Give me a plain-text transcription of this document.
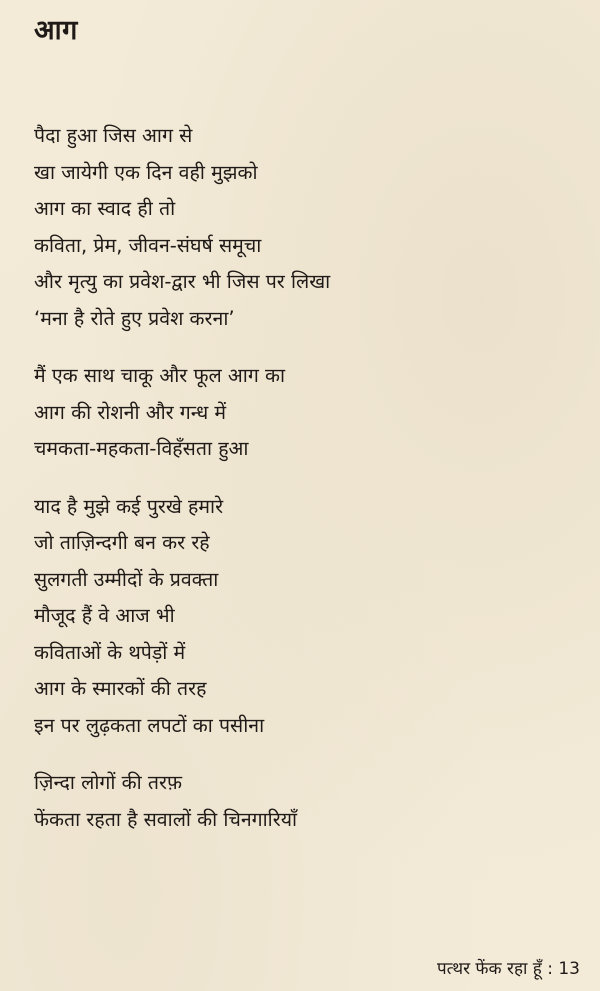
आग
पैदा हुआ जिस आग से
खा जायेगी एक दिन वही मुझको
आग का स्वाद ही तो
कविता, प्रेम, जीवन-संघर्ष समूचा
और मृत्यु का प्रवेश-द्वार भी जिस पर लिखा
‘मना है रोते हुए प्रवेश करना’
मैं एक साथ चाकू और फूल आग का
आग की रोशनी और गन्ध में
चमकता-महकता-विहँसता हुआ
याद है मुझे कई पुरखे हमारे
जो ताज़िन्दगी बन कर रहे
सुलगती उम्मीदों के प्रवक्ता
मौजूद हैं वे आज भी
कविताओं के थपेड़ों में
आग के स्मारकों की तरह
इन पर लुढ़कता लपटों का पसीना
ज़िन्दा लोगों की तरफ़
फेंकता रहता है सवालों की चिनगारियाँ
पत्थर फेंक रहा हूँ : 13
